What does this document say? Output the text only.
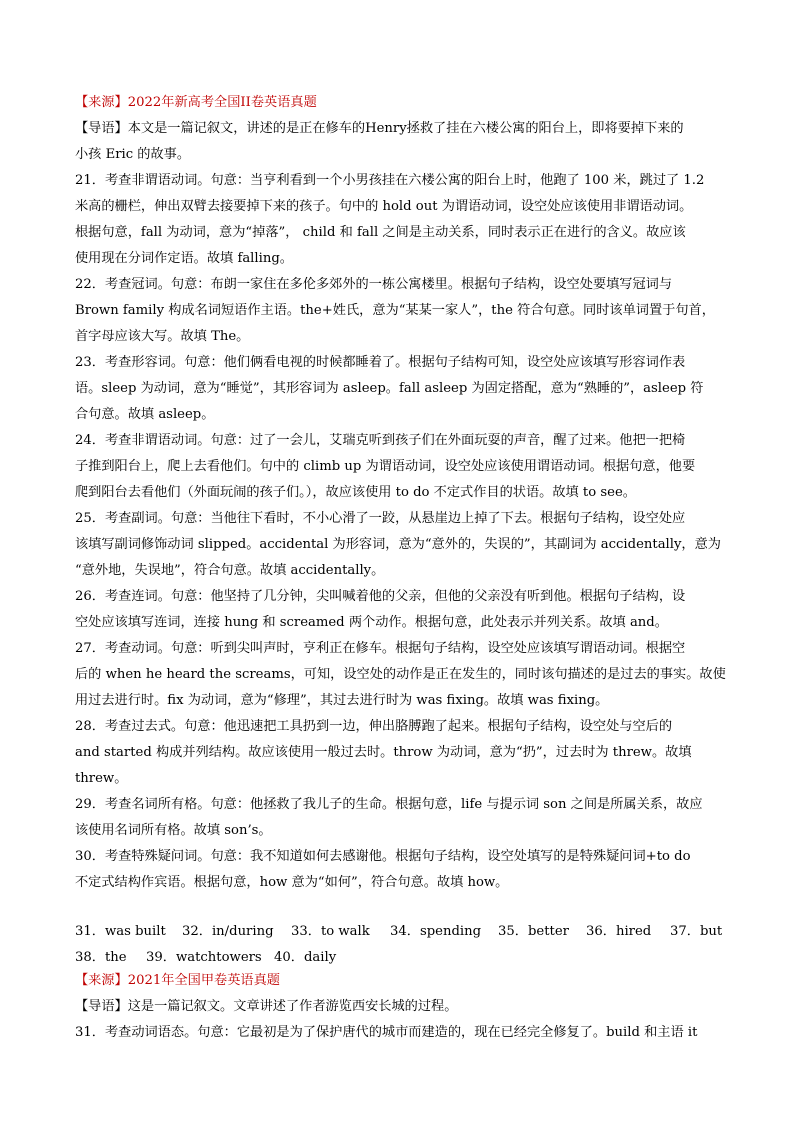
【来源】2022年新高考全国II卷英语真题
【导语】本文是一篇记叙文，讲述的是正在修车的Henry拯救了挂在六楼公寓的阳台上，即将要掉下来的
小孩 Eric 的故事。
21．考查非谓语动词。句意：当亨利看到一个小男孩挂在六楼公寓的阳台上时，他跑了 100 米，跳过了 1.2
米高的栅栏，伸出双臂去接要掉下来的孩子。句中的 hold out 为谓语动词，设空处应该使用非谓语动词。
根据句意，fall 为动词，意为“掉落”， child 和 fall 之间是主动关系，同时表示正在进行的含义。故应该
使用现在分词作定语。故填 falling。
22．考查冠词。句意：布朗一家住在多伦多郊外的一栋公寓楼里。根据句子结构，设空处要填写冠词与
Brown family 构成名词短语作主语。the+姓氏，意为“某某一家人”，the 符合句意。同时该单词置于句首，
首字母应该大写。故填 The。
23．考查形容词。句意：他们俩看电视的时候都睡着了。根据句子结构可知，设空处应该填写形容词作表
语。sleep 为动词，意为“睡觉”，其形容词为 asleep。fall asleep 为固定搭配，意为“熟睡的”，asleep 符
合句意。故填 asleep。
24．考查非谓语动词。句意：过了一会儿，艾瑞克听到孩子们在外面玩耍的声音，醒了过来。他把一把椅
子推到阳台上，爬上去看他们。句中的 climb up 为谓语动词，设空处应该使用谓语动词。根据句意，他要
爬到阳台去看他们（外面玩闹的孩子们。），故应该使用 to do 不定式作目的状语。故填 to see。
25．考查副词。句意：当他往下看时，不小心滑了一跤，从悬崖边上掉了下去。根据句子结构，设空处应
该填写副词修饰动词 slipped。accidental 为形容词，意为“意外的，失误的”，其副词为 accidentally，意为
“意外地，失误地”，符合句意。故填 accidentally。
26．考查连词。句意：他坚持了几分钟，尖叫喊着他的父亲，但他的父亲没有听到他。根据句子结构，设
空处应该填写连词，连接 hung 和 screamed 两个动作。根据句意，此处表示并列关系。故填 and。
27．考查动词。句意：听到尖叫声时，亨利正在修车。根据句子结构，设空处应该填写谓语动词。根据空
后的 when he heard the screams，可知，设空处的动作是正在发生的，同时该句描述的是过去的事实。故使
用过去进行时。fix 为动词，意为“修理”，其过去进行时为 was fixing。故填 was fixing。
28．考查过去式。句意：他迅速把工具扔到一边，伸出胳膊跑了起来。根据句子结构，设空处与空后的
and started 构成并列结构。故应该使用一般过去时。throw 为动词，意为“扔”，过去时为 threw。故填
threw。
29．考查名词所有格。句意：他拯救了我儿子的生命。根据句意，life 与提示词 son 之间是所属关系，故应
该使用名词所有格。故填 son’s。
30．考查特殊疑问词。句意：我不知道如何去感谢他。根据句子结构，设空处填写的是特殊疑问词+to do
不定式结构作宾语。根据句意，how 意为“如何”，符合句意。故填 how。
31．was built 32．in/during 33．to walk 34．spending 35．better 36．hired 37．but
38．the 39．watchtowers 40．daily
【来源】2021年全国甲卷英语真题
【导语】这是一篇记叙文。文章讲述了作者游览西安长城的过程。
31．考查动词语态。句意：它最初是为了保护唐代的城市而建造的，现在已经完全修复了。build 和主语 it
